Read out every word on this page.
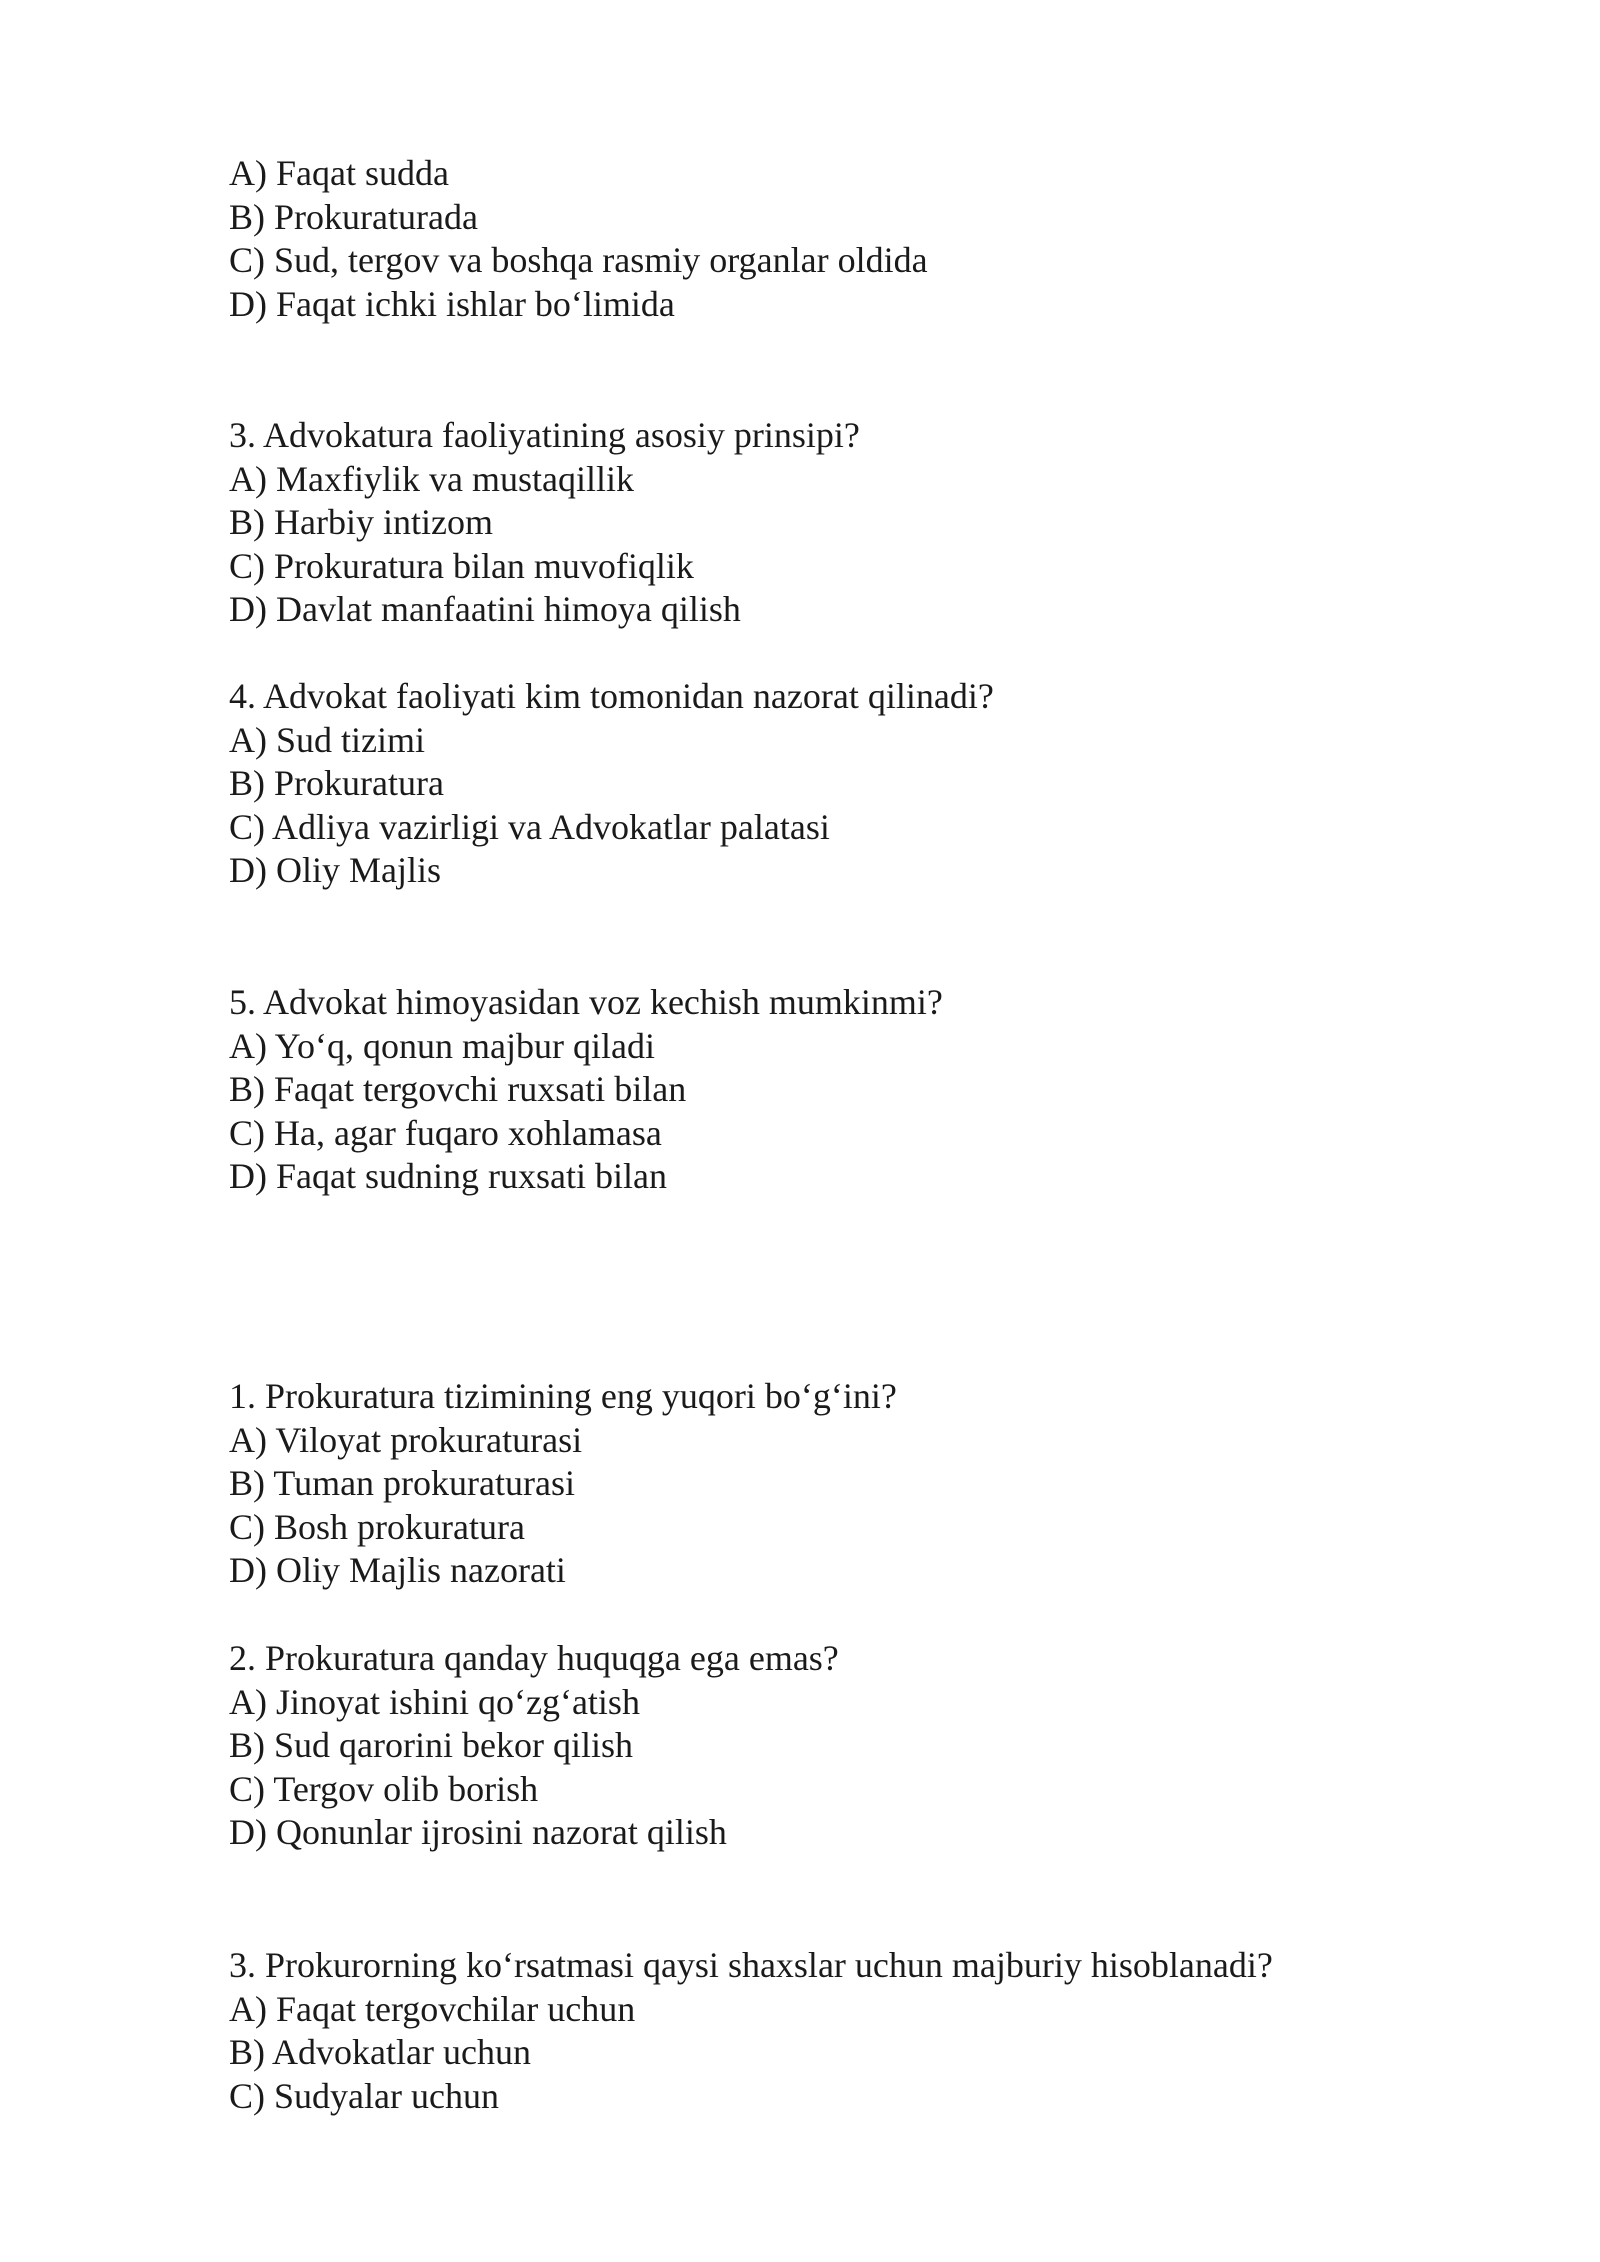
A) Faqat sudda
B) Prokuraturada
C) Sud, tergov va boshqa rasmiy organlar oldida
D) Faqat ichki ishlar bo‘limida
3. Advokatura faoliyatining asosiy prinsipi?
A) Maxfiylik va mustaqillik
B) Harbiy intizom
C) Prokuratura bilan muvofiqlik
D) Davlat manfaatini himoya qilish
4. Advokat faoliyati kim tomonidan nazorat qilinadi?
A) Sud tizimi
B) Prokuratura
C) Adliya vazirligi va Advokatlar palatasi
D) Oliy Majlis
5. Advokat himoyasidan voz kechish mumkinmi?
A) Yo‘q, qonun majbur qiladi
B) Faqat tergovchi ruxsati bilan
C) Ha, agar fuqaro xohlamasa
D) Faqat sudning ruxsati bilan
1. Prokuratura tizimining eng yuqori bo‘g‘ini?
A) Viloyat prokuraturasi
B) Tuman prokuraturasi
C) Bosh prokuratura
D) Oliy Majlis nazorati
2. Prokuratura qanday huquqga ega emas?
A) Jinoyat ishini qo‘zg‘atish
B) Sud qarorini bekor qilish
C) Tergov olib borish
D) Qonunlar ijrosini nazorat qilish
3. Prokurorning ko‘rsatmasi qaysi shaxslar uchun majburiy hisoblanadi?
A) Faqat tergovchilar uchun
B) Advokatlar uchun
C) Sudyalar uchun
